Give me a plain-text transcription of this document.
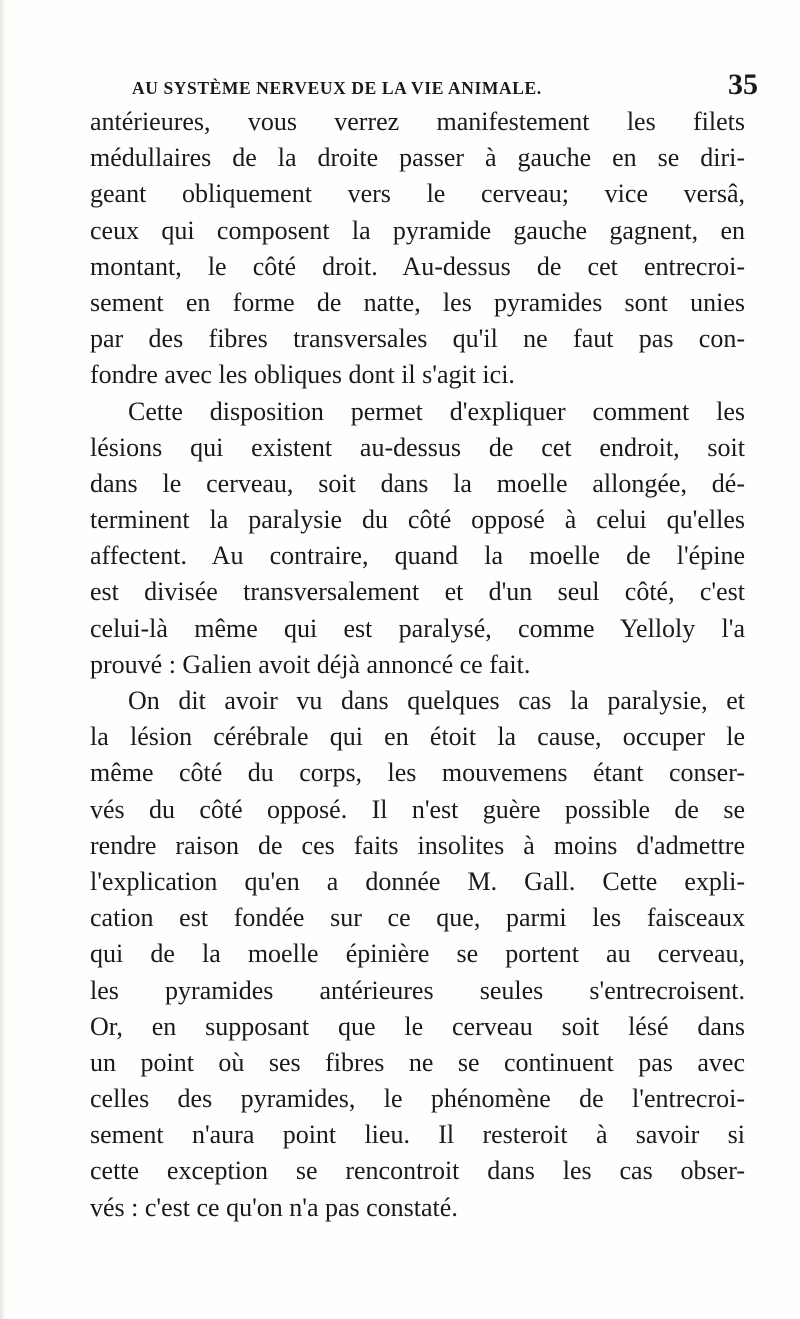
AU SYSTÈME NERVEUX DE LA VIE ANIMALE.	35
antérieures, vous verrez manifestement les filets
médullaires de la droite passer à gauche en se diri-
geant obliquement vers le cerveau; vice versâ,
ceux qui composent la pyramide gauche gagnent, en
montant, le côté droit. Au-dessus de cet entrecroi-
sement en forme de natte, les pyramides sont unies
par des fibres transversales qu'il ne faut pas con-
fondre avec les obliques dont il s'agit ici.
Cette disposition permet d'expliquer comment les
lésions qui existent au-dessus de cet endroit, soit
dans le cerveau, soit dans la moelle allongée, dé-
terminent la paralysie du côté opposé à celui qu'elles
affectent. Au contraire, quand la moelle de l'épine
est divisée transversalement et d'un seul côté, c'est
celui-là même qui est paralysé, comme Yelloly l'a
prouvé : Galien avoit déjà annoncé ce fait.
On dit avoir vu dans quelques cas la paralysie, et
la lésion cérébrale qui en étoit la cause, occuper le
même côté du corps, les mouvemens étant conser-
vés du côté opposé. Il n'est guère possible de se
rendre raison de ces faits insolites à moins d'admettre
l'explication qu'en a donnée M. Gall. Cette expli-
cation est fondée sur ce que, parmi les faisceaux
qui de la moelle épinière se portent au cerveau,
les pyramides antérieures seules s'entrecroisent.
Or, en supposant que le cerveau soit lésé dans
un point où ses fibres ne se continuent pas avec
celles des pyramides, le phénomène de l'entrecroi-
sement n'aura point lieu. Il resteroit à savoir si
cette exception se rencontroit dans les cas obser-
vés : c'est ce qu'on n'a pas constaté.
